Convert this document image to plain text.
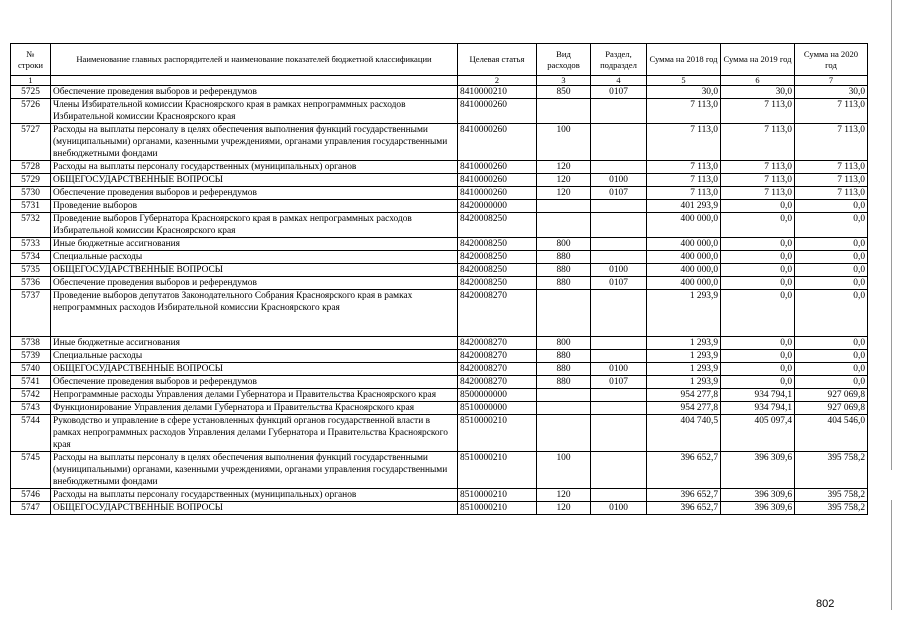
№ строки	Наименование главных распорядителей и наименование показателей бюджетной классификации	Целевая статья	Вид расходов	Раздел, подраздел	Сумма на 2018 год	Сумма на 2019 год	Сумма на 2020 год
1		2	3	4	5	6	7
5725	Обеспечение проведения выборов и референдумов	8410000210	850	0107	30,0	30,0	30,0
5726	Члены Избирательной комиссии Красноярского края в рамках непрограммных расходов Избирательной комиссии Красноярского края	8410000260			7 113,0	7 113,0	7 113,0
5727	Расходы на выплаты персоналу в целях обеспечения выполнения функций государственными (муниципальными) органами, казенными учреждениями, органами управления государственными внебюджетными фондами	8410000260	100		7 113,0	7 113,0	7 113,0
5728	Расходы на выплаты персоналу государственных (муниципальных) органов	8410000260	120		7 113,0	7 113,0	7 113,0
5729	ОБЩЕГОСУДАРСТВЕННЫЕ ВОПРОСЫ	8410000260	120	0100	7 113,0	7 113,0	7 113,0
5730	Обеспечение проведения выборов и референдумов	8410000260	120	0107	7 113,0	7 113,0	7 113,0
5731	Проведение выборов	8420000000			401 293,9	0,0	0,0
5732	Проведение выборов Губернатора Красноярского края в рамках непрограммных расходов Избирательной комиссии Красноярского края	8420008250			400 000,0	0,0	0,0
5733	Иные бюджетные ассигнования	8420008250	800		400 000,0	0,0	0,0
5734	Специальные расходы	8420008250	880		400 000,0	0,0	0,0
5735	ОБЩЕГОСУДАРСТВЕННЫЕ ВОПРОСЫ	8420008250	880	0100	400 000,0	0,0	0,0
5736	Обеспечение проведения выборов и референдумов	8420008250	880	0107	400 000,0	0,0	0,0
5737	Проведение выборов депутатов Законодательного Собрания Красноярского края в рамках непрограммных расходов Избирательной комиссии Красноярского края	8420008270			1 293,9	0,0	0,0
5738	Иные бюджетные ассигнования	8420008270	800		1 293,9	0,0	0,0
5739	Специальные расходы	8420008270	880		1 293,9	0,0	0,0
5740	ОБЩЕГОСУДАРСТВЕННЫЕ ВОПРОСЫ	8420008270	880	0100	1 293,9	0,0	0,0
5741	Обеспечение проведения выборов и референдумов	8420008270	880	0107	1 293,9	0,0	0,0
5742	Непрограммные расходы Управления делами Губернатора и Правительства Красноярского края	8500000000			954 277,8	934 794,1	927 069,8
5743	Функционирование Управления делами Губернатора и Правительства Красноярского края	8510000000			954 277,8	934 794,1	927 069,8
5744	Руководство и управление в сфере установленных функций органов государственной власти в рамках непрограммных расходов Управления делами Губернатора и Правительства Красноярского края	8510000210			404 740,5	405 097,4	404 546,0
5745	Расходы на выплаты персоналу в целях обеспечения выполнения функций государственными (муниципальными) органами, казенными учреждениями, органами управления государственными внебюджетными фондами	8510000210	100		396 652,7	396 309,6	395 758,2
5746	Расходы на выплаты персоналу государственных (муниципальных) органов	8510000210	120		396 652,7	396 309,6	395 758,2
5747	ОБЩЕГОСУДАРСТВЕННЫЕ ВОПРОСЫ	8510000210	120	0100	396 652,7	396 309,6	395 758,2
802
